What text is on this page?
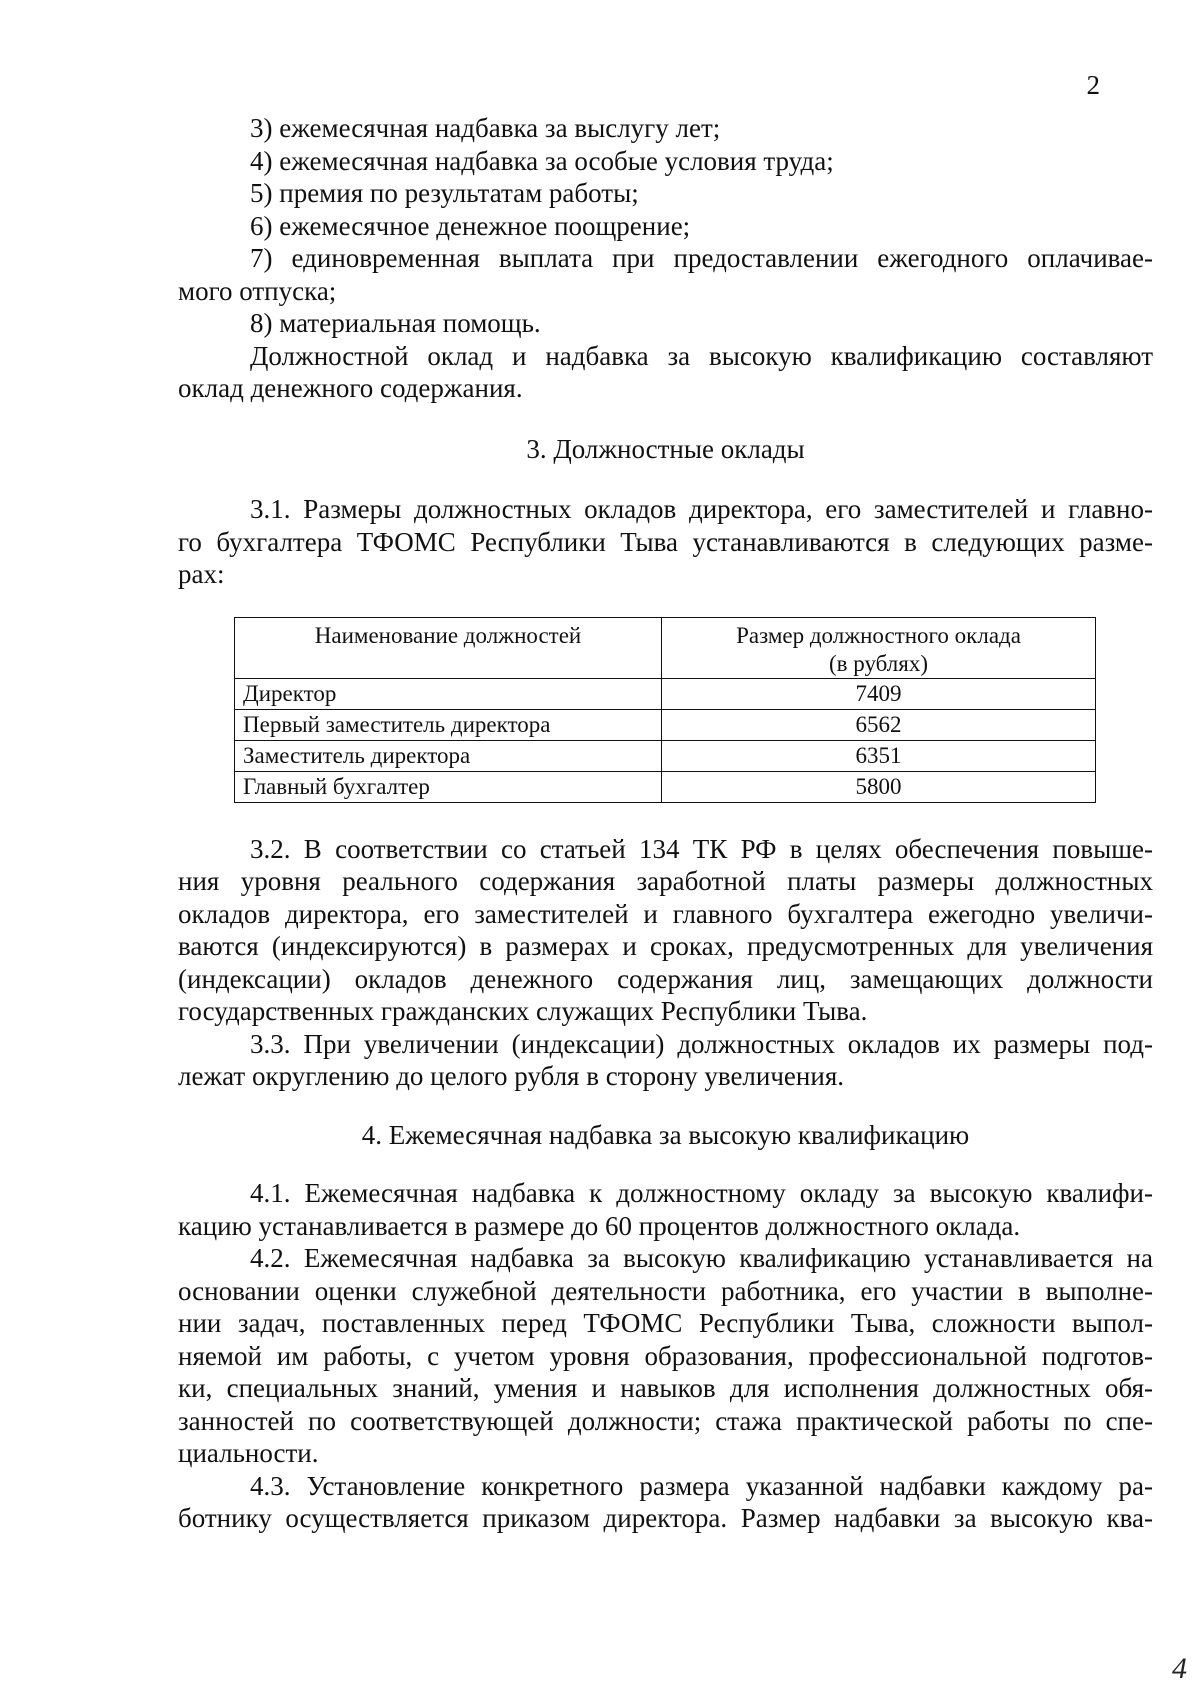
2
3) ежемесячная надбавка за выслугу лет;
4) ежемесячная надбавка за особые условия труда;
5) премия по результатам работы;
6) ежемесячное денежное поощрение;
7) единовременная выплата при предоставлении ежегодного оплачивае-
мого отпуска;
8) материальная помощь.
Должностной оклад и надбавка за высокую квалификацию составляют
оклад денежного содержания.
3. Должностные оклады
3.1. Размеры должностных окладов директора, его заместителей и главно-
го бухгалтера ТФОМС Республики Тыва устанавливаются в следующих разме-
рах:
Наименование должностей	Размер должностного оклада
(в рублях)

Директор	7409
Первый заместитель директора	6562
Заместитель директора	6351
Главный бухгалтер	5800
3.2. В соответствии со статьей 134 ТК РФ в целях обеспечения повыше-
ния уровня реального содержания заработной платы размеры должностных
окладов директора, его заместителей и главного бухгалтера ежегодно увеличи-
ваются (индексируются) в размерах и сроках, предусмотренных для увеличения
(индексации) окладов денежного содержания лиц, замещающих должности
государственных гражданских служащих Республики Тыва.
3.3. При увеличении (индексации) должностных окладов их размеры под-
лежат округлению до целого рубля в сторону увеличения.
4. Ежемесячная надбавка за высокую квалификацию
4.1. Ежемесячная надбавка к должностному окладу за высокую квалифи-
кацию устанавливается в размере до 60 процентов должностного оклада.
4.2. Ежемесячная надбавка за высокую квалификацию устанавливается на
основании оценки служебной деятельности работника, его участии в выполне-
нии задач, поставленных перед ТФОМС Республики Тыва, сложности выпол-
няемой им работы, с учетом уровня образования, профессиональной подготов-
ки, специальных знаний, умения и навыков для исполнения должностных обя-
занностей по соответствующей должности; стажа практической работы по спе-
циальности.
4.3. Установление конкретного размера указанной надбавки каждому ра-
ботнику осуществляется приказом директора. Размер надбавки за высокую ква-
4
